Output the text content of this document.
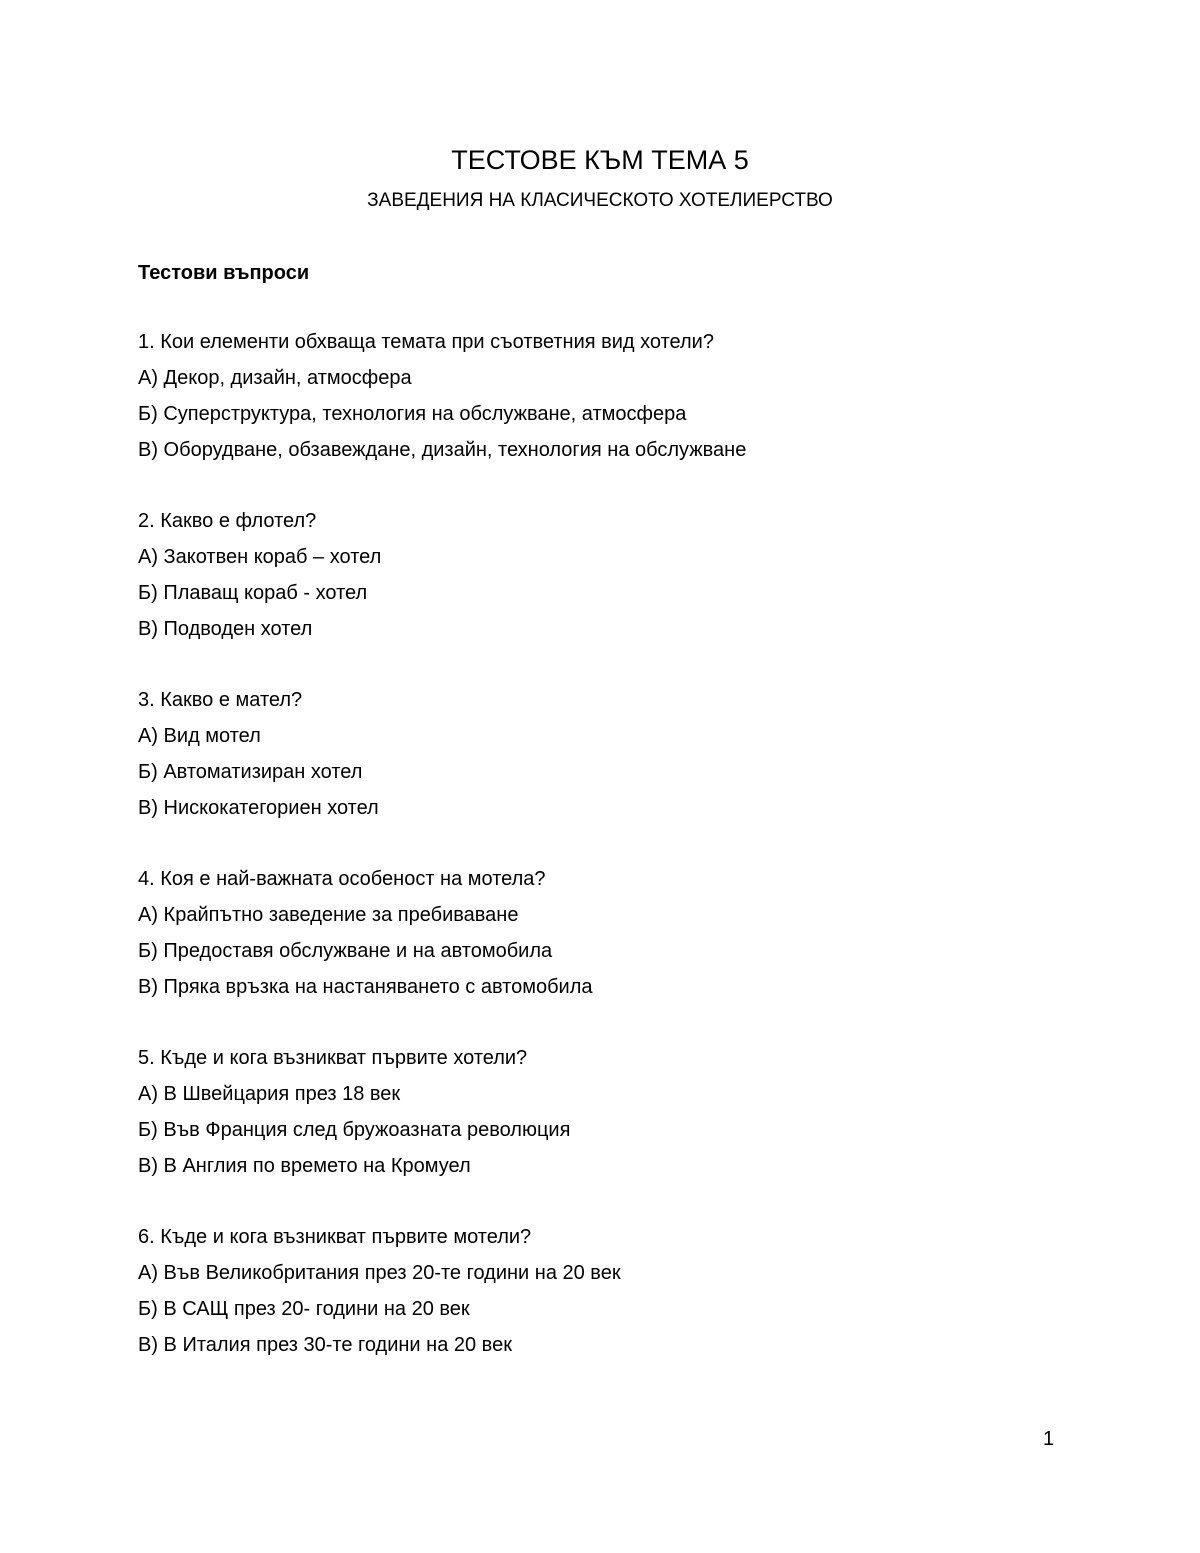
ТЕСТОВЕ КЪМ ТЕМА 5
ЗАВЕДЕНИЯ НА КЛАСИЧЕСКОТО ХОТЕЛИЕРСТВО
Тестови въпроси
1. Кои елементи обхваща темата при съответния вид хотели?
А) Декор, дизайн, атмосфера
Б) Суперструктура, технология на обслужване, атмосфера
В) Оборудване, обзавеждане, дизайн, технология на обслужване
2. Какво е флотел?
А) Закотвен кораб – хотел
Б) Плаващ кораб - хотел
В) Подводен хотел
3. Какво е мател?
А) Вид мотел
Б) Автоматизиран хотел
В) Нискокатегориен хотел
4. Коя е най-важната особеност на мотела?
А) Крайпътно заведение за пребиваване
Б) Предоставя обслужване и на автомобила
В) Пряка връзка на настаняването с автомобила
5. Къде и кога възникват първите хотели?
А) В Швейцария през 18 век
Б) Във Франция след бружоазната революция
В) В Англия по времето на Кромуел
6. Къде и кога възникват първите мотели?
А) Във Великобритания през 20-те години на 20 век
Б) В САЩ през 20- години на 20 век
В) В Италия през 30-те години на 20 век
1
